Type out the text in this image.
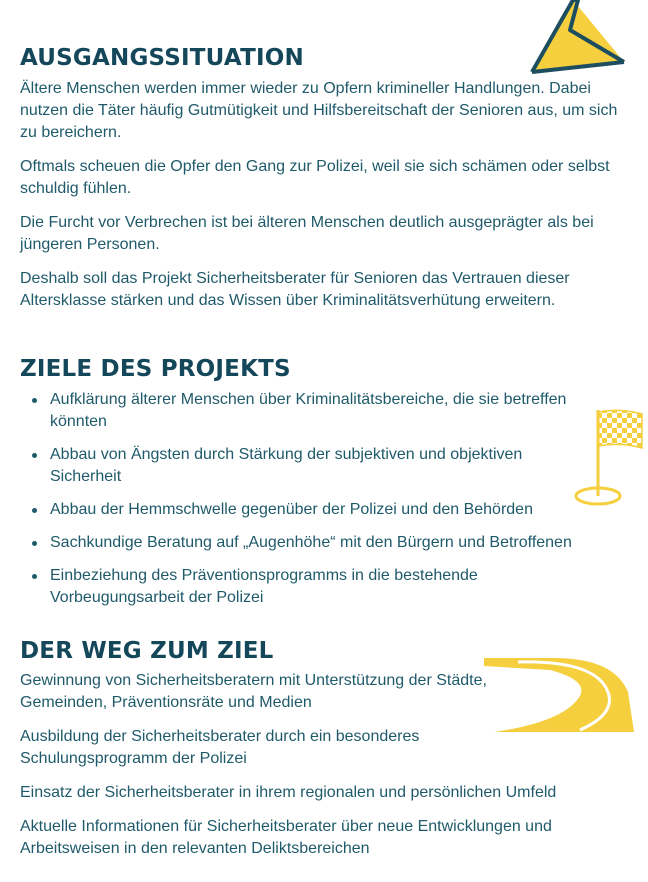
AUSGANGSSITUATION

Ältere Menschen werden immer wieder zu Opfern krimineller Handlungen. Dabei nutzen die Täter häufig Gutmütigkeit und Hilfsbereitschaft der Senioren aus, um sich zu bereichern.

Oftmals scheuen die Opfer den Gang zur Polizei, weil sie sich schämen oder selbst schuldig fühlen.

Die Furcht vor Verbrechen ist bei älteren Menschen deutlich ausgeprägter als bei jüngeren Personen.

Deshalb soll das Projekt Sicherheitsberater für Senioren das Vertrauen dieser Altersklasse stärken und das Wissen über Kriminalitätsverhütung erweitern.

ZIELE DES PROJEKTS
Aufklärung älterer Menschen über Kriminalitätsbereiche, die sie betreffen könnten
Abbau von Ängsten durch Stärkung der subjektiven und objektiven Sicherheit
Abbau der Hemmschwelle gegenüber der Polizei und den Behörden
Sachkundige Beratung auf „Augenhöhe“ mit den Bürgern und Betroffenen
Einbeziehung des Präventionsprogramms in die bestehende Vorbeugungsarbeit der Polizei
DER WEG ZUM ZIEL

Gewinnung von Sicherheitsberatern mit Unterstützung der Städte, Gemeinden, Präventionsräte und Medien

Ausbildung der Sicherheitsberater durch ein besonderes Schulungsprogramm der Polizei

Einsatz der Sicherheitsberater in ihrem regionalen und persönlichen Umfeld

Aktuelle Informationen für Sicherheitsberater über neue Entwicklungen und Arbeitsweisen in den relevanten Deliktsbereichen
